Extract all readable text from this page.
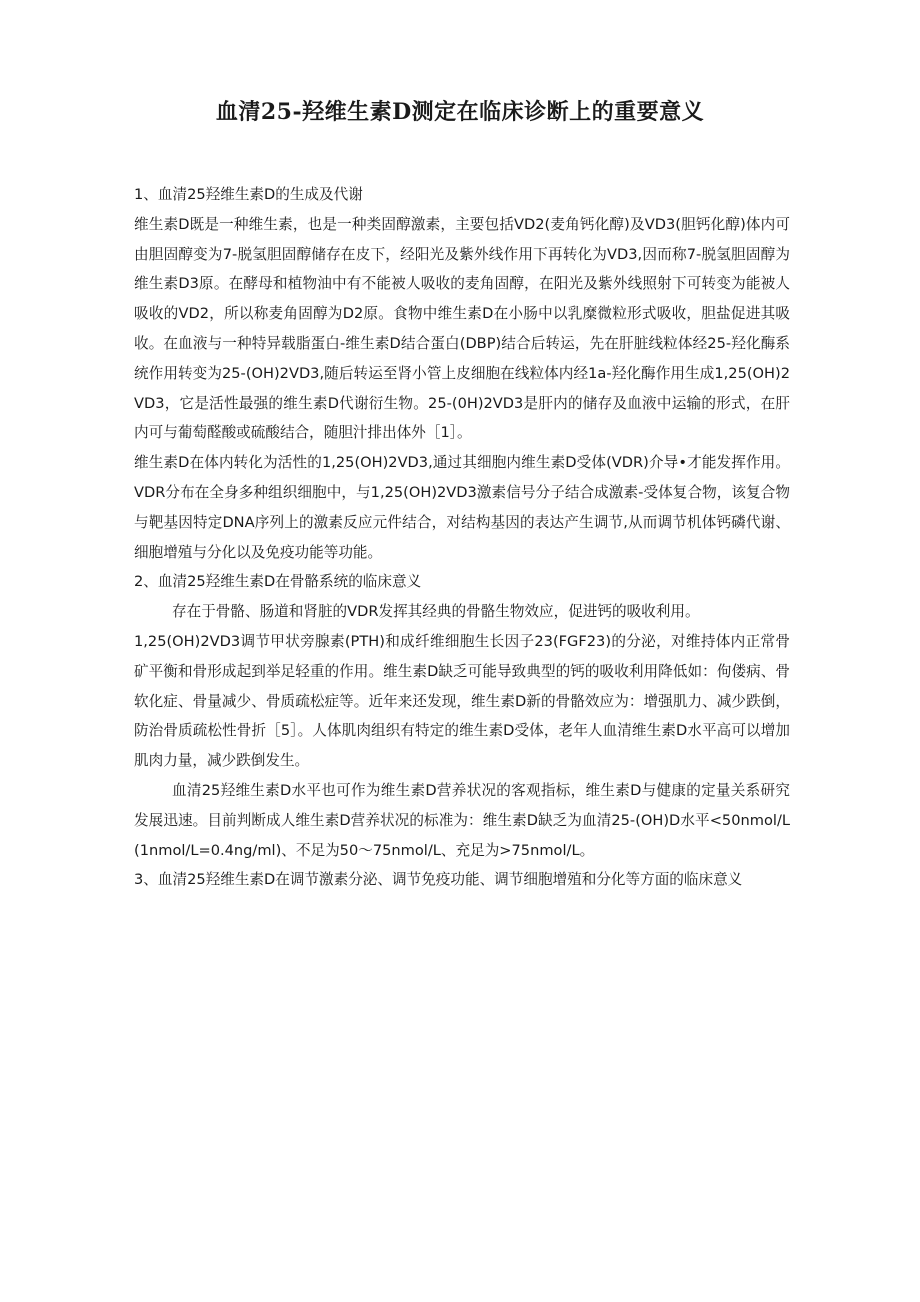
血清25-羟维生素D测定在临床诊断上的重要意义
1、血清25羟维生素D的生成及代谢

维生素D既是一种维生素，也是一种类固醇激素，主要包括VD2(麦角钙化醇)及VD3(胆钙化醇)体内可由胆固醇变为7-脱氢胆固醇储存在皮下，经阳光及紫外线作用下再转化为VD3,因而称7-脱氢胆固醇为维生素D3原。在酵母和植物油中有不能被人吸收的麦角固醇，在阳光及紫外线照射下可转变为能被人吸收的VD2，所以称麦角固醇为D2原。食物中维生素D在小肠中以乳糜微粒形式吸收，胆盐促进其吸收。在血液与一种特异载脂蛋白-维生素D结合蛋白(DBP)结合后转运，先在肝脏线粒体经25-羟化酶系统作用转变为25-(OH)2VD3,随后转运至肾小管上皮细胞在线粒体内经1a-羟化酶作用生成1,25(OH)2VD3，它是活性最强的维生素D代谢衍生物。25-(0H)2VD3是肝内的储存及血液中运输的形式，在肝内可与葡萄醛酸或硫酸结合，随胆汁排出体外［1］。

维生素D在体内转化为活性的1,25(OH)2VD3,通过其细胞内维生素D受体(VDR)介导•才能发挥作用。VDR分布在全身多种组织细胞中，与1,25(OH)2VD3激素信号分子结合成激素-受体复合物，该复合物与靶基因特定DNA序列上的激素反应元件结合，对结构基因的表达产生调节,从而调节机体钙磷代谢、细胞增殖与分化以及免疫功能等功能。

2、血清25羟维生素D在骨骼系统的临床意义

存在于骨骼、肠道和肾脏的VDR发挥其经典的骨骼生物效应，促进钙的吸收利用。

1,25(OH)2VD3调节甲状旁腺素(PTH)和成纤维细胞生长因子23(FGF23)的分泌，对维持体内正常骨矿平衡和骨形成起到举足轻重的作用。维生素D缺乏可能导致典型的钙的吸收利用降低如：佝偻病、骨软化症、骨量减少、骨质疏松症等。近年来还发现，维生素D新的骨骼效应为：增强肌力、减少跌倒，防治骨质疏松性骨折［5］。人体肌肉组织有特定的维生素D受体，老年人血清维生素D水平高可以增加肌肉力量，减少跌倒发生。

血清25羟维生素D水平也可作为维生素D营养状况的客观指标，维生素D与健康的定量关系研究发展迅速。目前判断成人维生素D营养状况的标准为：维生素D缺乏为血清25-(OH)D水平<50nmol/L(1nmol/L=0.4ng/ml)、不足为50～75nmol/L、充足为>75nmol/L。

3、血清25羟维生素D在调节激素分泌、调节免疫功能、调节细胞增殖和分化等方面的临床意义
